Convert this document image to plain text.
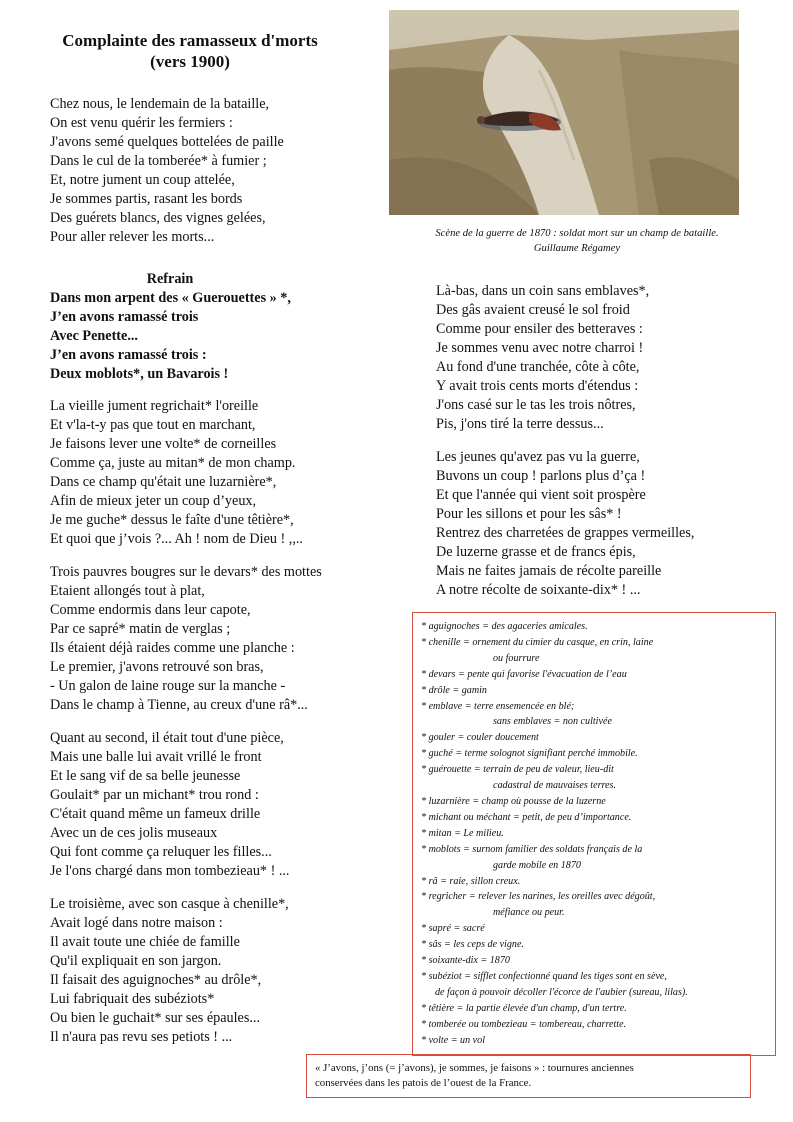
Complainte des ramasseux d'morts
(vers 1900)
Scène de la guerre de 1870 : soldat mort sur un champ de bataille.
Guillaume Régamey
Chez nous, le lendemain de la bataille,
On est venu quérir les fermiers :
J'avons semé quelques bottelées de paille
Dans le cul de la tomberée* à fumier ;
Et, notre jument un coup attelée,
Je sommes partis, rasant les bords
Des guérets blancs, des vignes gelées,
Pour aller relever les morts...
Refrain
Dans mon arpent des « Guerouettes » *,
J’en avons ramassé trois
Avec Penette...
J’en avons ramassé trois :
Deux moblots*, un Bavarois !
La vieille jument regrichait* l'oreille
Et v'la-t-y pas que tout en marchant,
Je faisons lever une volte* de corneilles
Comme ça, juste au mitan* de mon champ.
Dans ce champ qu'était une luzarnière*,
Afin de mieux jeter un coup d’yeux,
Je me guche* dessus le faîte d'une têtière*,
Et quoi que j’vois ?... Ah ! nom de Dieu ! ,,..
Trois pauvres bougres sur le devars* des mottes
Etaient allongés tout à plat,
Comme endormis dans leur capote,
Par ce sapré* matin de verglas ;
Ils étaient déjà raides comme une planche :
Le premier, j'avons retrouvé son bras,
- Un galon de laine rouge sur la manche -
Dans le champ à Tienne, au creux d'une râ*...
Quant au second, il était tout d'une pièce,
Mais une balle lui avait vrillé le front
Et le sang vif de sa belle jeunesse
Goulait* par un michant* trou rond :
C'était quand même un fameux drille
Avec un de ces jolis museaux
Qui font comme ça reluquer les filles...
Je l'ons chargé dans mon tombezieau* ! ...
Le troisième, avec son casque à chenille*,
Avait logé dans notre maison :
Il avait toute une chiée de famille
Qu'il expliquait en son jargon.
Il faisait des aguignoches* au drôle*,
Lui fabriquait des subéziots*
Ou bien le guchait* sur ses épaules...
Il n'aura pas revu ses petiots ! ...
Là-bas, dans un coin sans emblaves*,
Des gâs avaient creusé le sol froid
Comme pour ensiler des betteraves :
Je sommes venu avec notre charroi !
Au fond d'une tranchée, côte à côte,
Y avait trois cents morts d'étendus :
J'ons casé sur le tas les trois nôtres,
Pis, j'ons tiré la terre dessus...
Les jeunes qu'avez pas vu la guerre,
Buvons un coup ! parlons plus d’ça !
Et que l'année qui vient soit prospère
Pour les sillons et pour les sâs* !
Rentrez des charretées de grappes vermeilles,
De luzerne grasse et de francs épis,
Mais ne faites jamais de récolte pareille
A notre récolte de soixante-dix* ! ...
* aguignoches = des agaceries amicales.
* chenille = ornement du cimier du casque, en crin, laine
ou fourrure
* devars = pente qui favorise l'évacuation de l’eau
* drôle = gamin
* emblave = terre ensemencée en blé;
sans emblaves = non cultivée
* gouler = couler doucement
* guché = terme solognot signifiant perché immobile.
* guérouette = terrain de peu de valeur, lieu-dit
cadastral de mauvaises terres.
* luzarnière = champ où pousse de la luzerne
* michant ou méchant = petit, de peu d’importance.
* mitan = Le milieu.
* moblots = surnom familier des soldats français de la
garde mobile en 1870
* râ = raie, sillon creux.
* regricher = relever les narines, les oreilles avec dégoût,
méfiance ou peur.
* sapré = sacré
* sâs = les ceps de vigne.
* soixante-dix = 1870
* subéziot = sifflet confectionné quand les tiges sont en sève,
de façon à pouvoir décoller l'écorce de l'aubier (sureau, lilas).
* têtière = la partie élevée d'un champ, d'un tertre.
* tomberée ou tombezieau = tombereau, charrette.
* volte = un vol
« J’avons, j’ons (= j’avons), je sommes, je faisons » : tournures anciennes
conservées dans les patois de l’ouest de la France.
